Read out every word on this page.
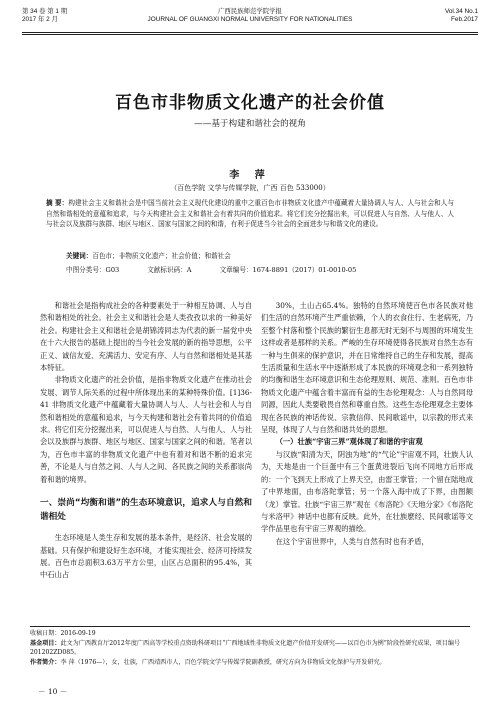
第 34 卷 第 1 期
2017 年 2 月
广西民族师范学院学报
JOURNAL OF GUANGXI NORMAL UNIVERSITY FOR NATIONALITIES
Vol.34 No.1
Feb.2017
百色市非物质文化遗产的社会价值
——基于构建和谐社会的视角
李 萍
（百色学院 文学与传媒学院，广西 百色 533000）
摘 要：构建社会主义和谐社会是中国当前社会主义现代化建设的重中之重百色市非物质文化遗产中蕴藏着大量协调人与人、人与社会和人与自然和谐相处的意蕴和追求，与今天构建社会主义和谐社会有着共同的价值追求。将它们充分挖掘出来，可以促进人与自然、人与他人、人与社会以及族群与族群、地区与地区、国家与国家之间的和谐，有利于促进当今社会的全面进步与和谐文化的建设。
关键词：百色市；非物质文化遗产；社会价值；和谐社会
中图分类号：G03	文献标识码：A	文章编号：1674-8891（2017）01-0010-05

和谐社会是指构成社会的各种要素处于一种相互协调、人与自然和谐相处的社会。社会主义和谐社会是人类孜孜以求的一种美好社会。构建社会主义和谐社会是胡锦涛同志为代表的新一届党中央在十六大报告的基础上提出的当今社会发展的新的指导思想，公平正义、诚信友爱、充满活力、安定有序、人与自然和谐相处是其基本特征。

非物质文化遗产的社会价值，是指非物质文化遗产在推动社会发展、调节人际关系的过程中所体现出来的某种特殊价值。[1]36-41 非物质文化遗产中蕴藏着大量协调人与人、人与社会和人与自然和谐相处的意蕴和追求，与今天构建和谐社会有着共同的价值追求。将它们充分挖掘出来，可以促进人与自然、人与他人、人与社会以及族群与族群、地区与地区、国家与国家之间的和谐。笔者以为，百色市丰富的非物质文化遗产中也有着对和谐不断的追求完善，不论是人与自然之间、人与人之间、各民族之间的关系都崇尚着和谐的境界。

一、崇尚“均衡和谐”的生态环境意识，追求人与自然和谐相处

生态环境是人类生存和发展的基本条件，是经济、社会发展的基础。只有保护和建设好生态环境，才能实现社会、经济可持续发展。百色市总面积3.63万平方公里，山区占总面积的95.4%，其中石山占

30%，土山占65.4%。独特的自然环境使百色市各民族对他们生活的自然环境产生严重依赖，个人的衣食住行、生老病死，乃至整个村落和整个民族的繁衍生息都无时无刻不与周围的环境发生这样或者是那样的关系。严峻的生存环境使得各民族对自然生态有一种与生俱来的保护意识，并在日常维持自己的生存和发展，提高生活质量和生活水平中逐渐形成了本民族的环境观念和一系列独特的均衡和谐生态环境意识和生态伦理原则、规范、准则。百色市非物质文化遗产中蕴含着丰富而有益的生态伦理观念：人与自然同母同源，因此人类要敬畏自然和尊重自然。这些生态伦理观念主要体现在各民族的神话传说、宗教信仰、民间歌谣中，以宗教的形式来呈现，体现了人与自然和谐共处的思想。

（一）壮族“宇宙三界”观体现了和谐的宇宙观

与汉族“阳清为天，阴浊为地”的“气论”宇宙观不同，壮族人认为，天地是由一个巨蛋中有三个蛋黄进裂后飞向不同地方后形成的：一个飞到天上形成了上界天空，由雷王掌管；一个留在陆地成了中界地面，由布洛陀掌管；另一个落入海中成了下界，由图额（龙）掌管。壮族“宇宙三界”观在《布洛陀》《天地分家》《布洛陀与米洛甲》神话中也都有反映。此外，在壮族麽经、民间歌谣等文学作品里也有宇宙三界观的描绘。

在这个宇宙世界中，人类与自然有时也有矛盾，

收稿日期：2016-09-19
基金项目：此文为广西教育厅2012年度广西高等学校重点资助科研项目“广西地域性非物质文化遗产价值开发研究——以百色市为例”阶段性研究成果，项目编号201202ZD085。
作者简介：李 萍（1976—），女，壮族，广西靖西市人，百色学院文学与传媒学院副教授，研究方向为非物质文化保护与开发研究。
－ 10 －
